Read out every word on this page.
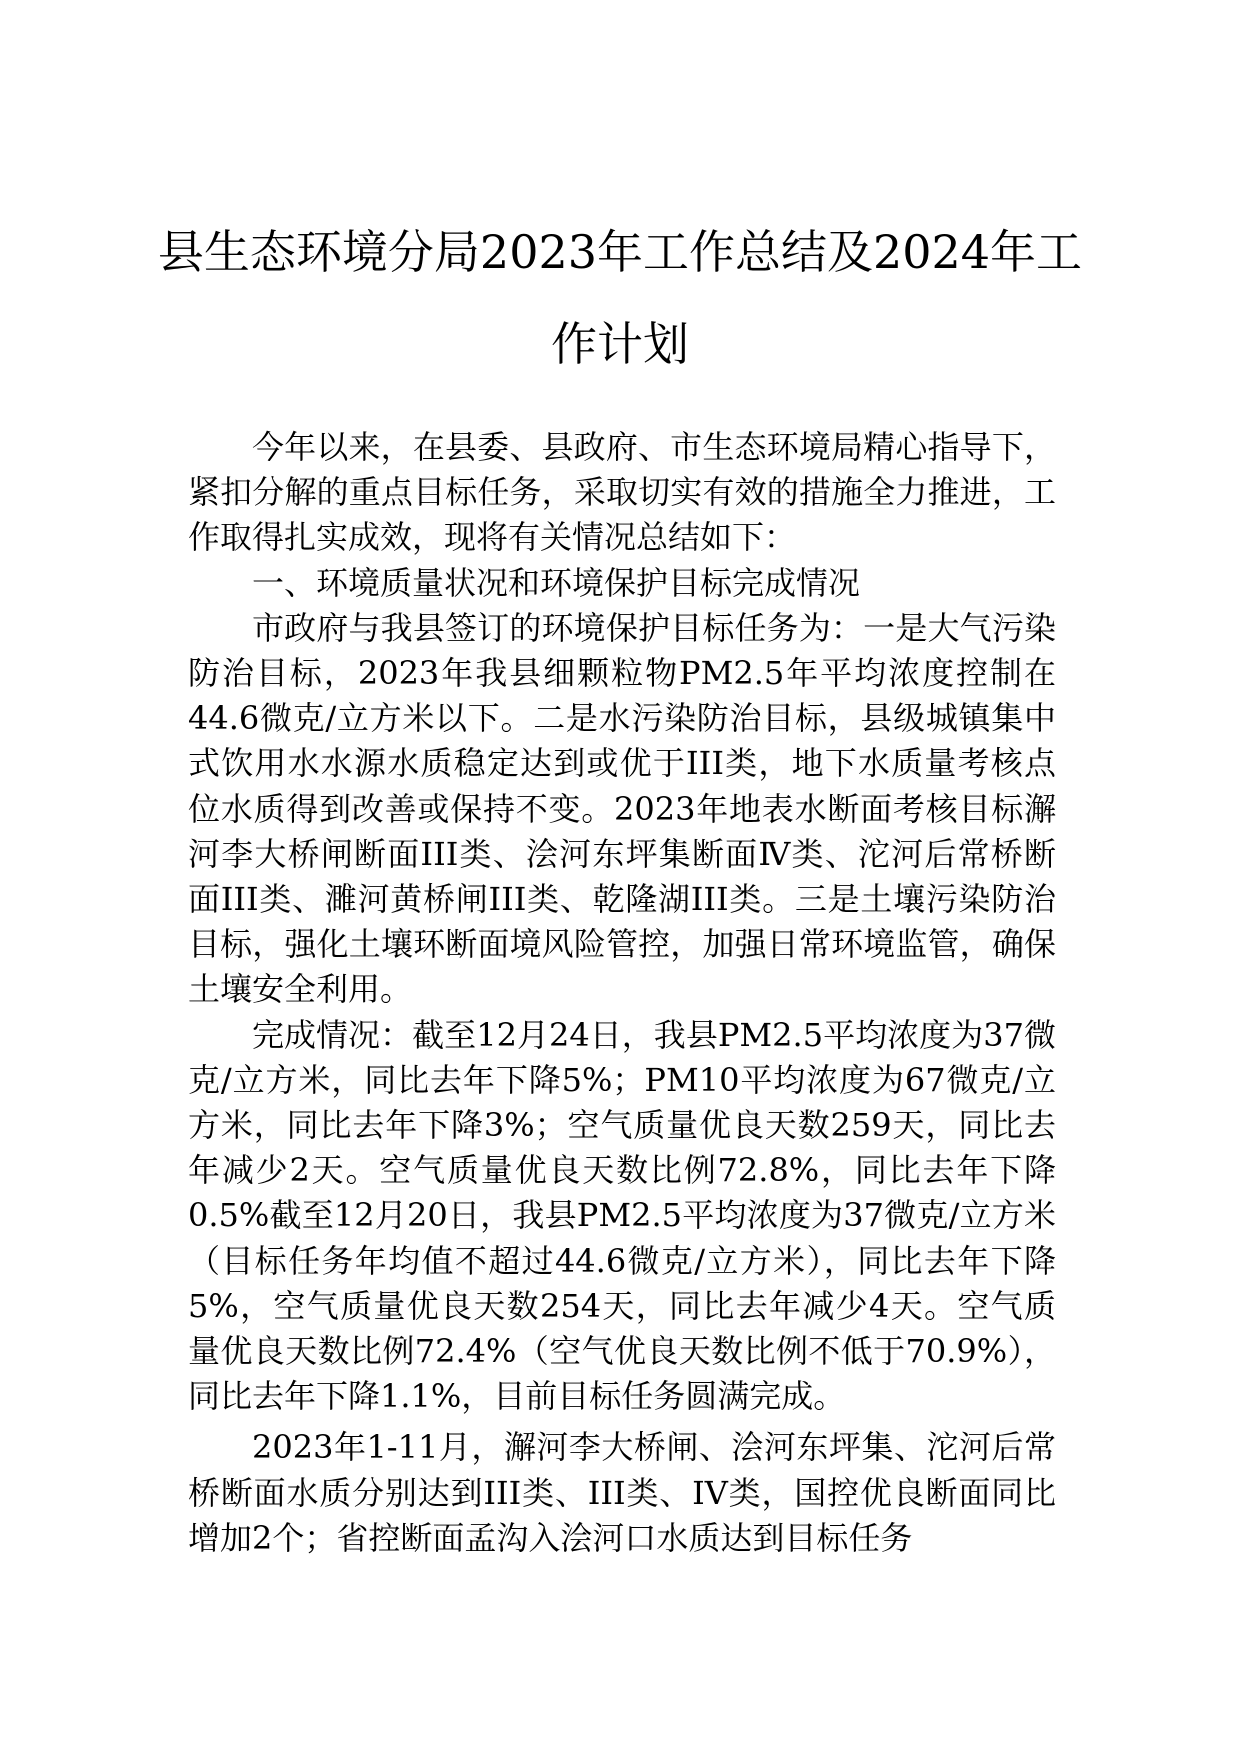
县生态环境分局2023年工作总结及2024年工作计划

今年以来，在县委、县政府、市生态环境局精心指导下，紧扣分解的重点目标任务，采取切实有效的措施全力推进，工作取得扎实成效，现将有关情况总结如下：

一、环境质量状况和环境保护目标完成情况

市政府与我县签订的环境保护目标任务为：一是大气污染防治目标，2023年我县细颗粒物PM2.5年平均浓度控制在44.6微克/立方米以下。二是水污染防治目标，县级城镇集中式饮用水水源水质稳定达到或优于III类，地下水质量考核点位水质得到改善或保持不变。2023年地表水断面考核目标澥河李大桥闸断面III类、浍河东坪集断面Ⅳ类、沱河后常桥断面III类、濉河黄桥闸III类、乾隆湖III类。三是土壤污染防治目标，强化土壤环断面境风险管控，加强日常环境监管，确保土壤安全利用。

完成情况：截至12月24日，我县PM2.5平均浓度为37微克/立方米，同比去年下降5%；PM10平均浓度为67微克/立方米，同比去年下降3%；空气质量优良天数259天，同比去年减少2天。空气质量优良天数比例72.8%，同比去年下降0.5%截至12月20日，我县PM2.5平均浓度为37微克/立方米（目标任务年均值不超过44.6微克/立方米），同比去年下降5%，空气质量优良天数254天，同比去年减少4天。空气质量优良天数比例72.4%（空气优良天数比例不低于70.9%），同比去年下降1.1%，目前目标任务圆满完成。

2023年1-11月，澥河李大桥闸、浍河东坪集、沱河后常桥断面水质分别达到III类、III类、IV类，国控优良断面同比增加2个；省控断面孟沟入浍河口水质达到目标任务
